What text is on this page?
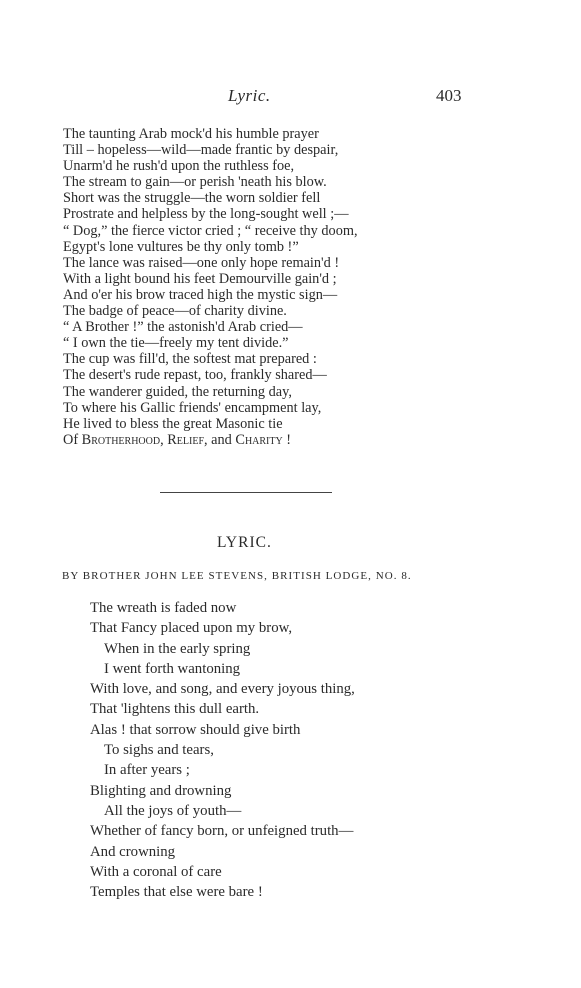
Lyric.	403
The taunting Arab mock'd his humble prayer
Till – hopeless—wild—made frantic by despair,
Unarm'd he rush'd upon the ruthless foe,
The stream to gain—or perish 'neath his blow.
Short was the struggle—the worn soldier fell
Prostrate and helpless by the long-sought well ;—
“ Dog,” the fierce victor cried ; “ receive thy doom,
Egypt's lone vultures be thy only tomb !”
The lance was raised—one only hope remain'd !
With a light bound his feet Demourville gain'd ;
And o'er his brow traced high the mystic sign—
The badge of peace—of charity divine.
“ A Brother !” the astonish'd Arab cried—
“ I own the tie—freely my tent divide.”
The cup was fill'd, the softest mat prepared :
The desert's rude repast, too, frankly shared—
The wanderer guided, the returning day,
To where his Gallic friends' encampment lay,
He lived to bless the great Masonic tie
Of Brotherhood, Relief, and Charity !
LYRIC.
BY BROTHER JOHN LEE STEVENS, BRITISH LODGE, NO. 8.
The wreath is faded now
That Fancy placed upon my brow,
When in the early spring
I went forth wantoning
With love, and song, and every joyous thing,
That 'lightens this dull earth.
Alas ! that sorrow should give birth
To sighs and tears,
In after years ;
Blighting and drowning
All the joys of youth—
Whether of fancy born, or unfeigned truth—
And crowning
With a coronal of care
Temples that else were bare !
